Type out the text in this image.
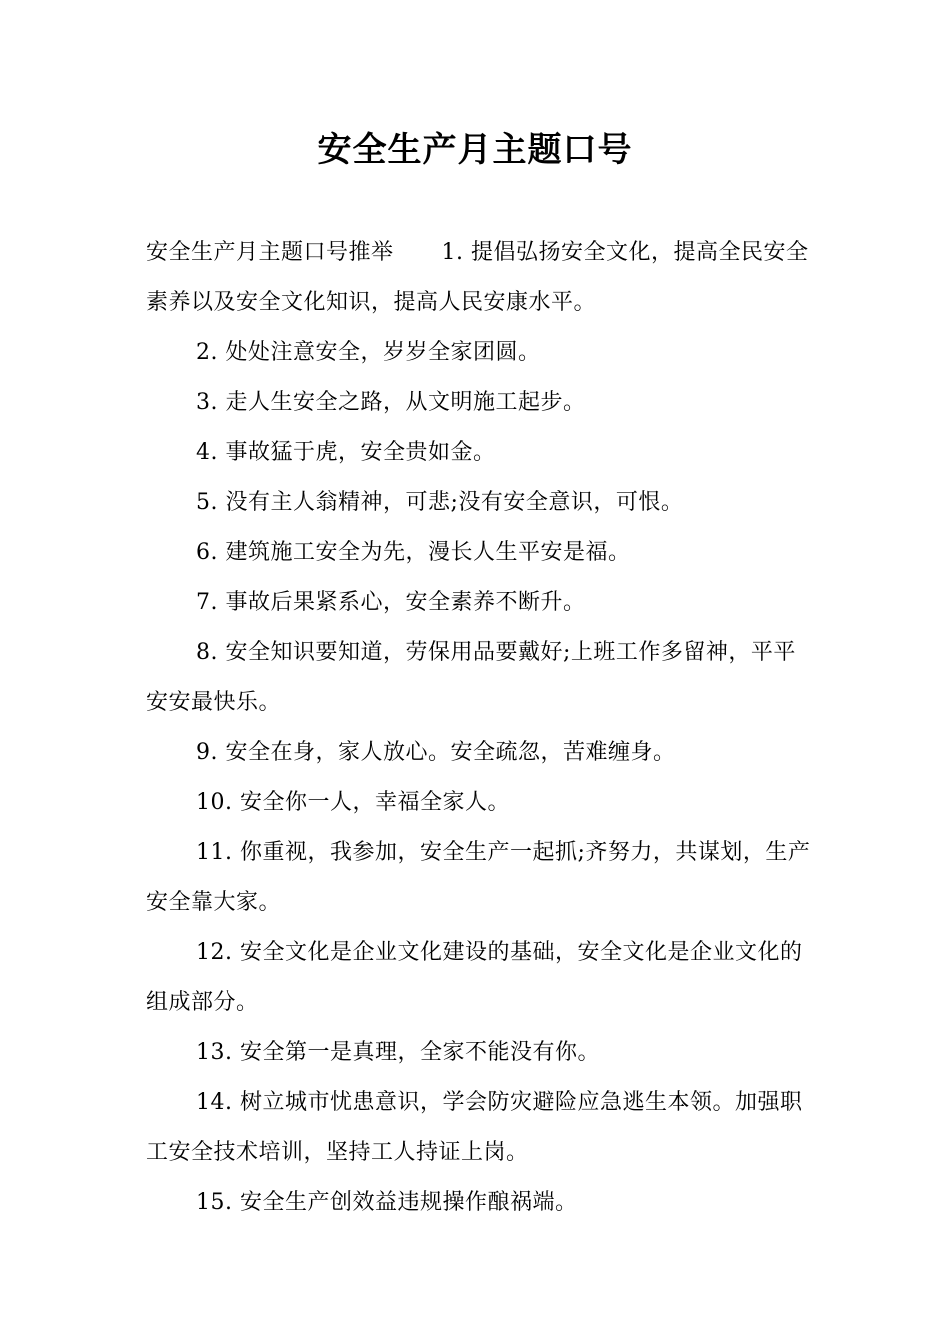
安全生产月主题口号

安全生产月主题口号推举 1. 提倡弘扬安全文化，提高全民安全素养以及安全文化知识，提高人民安康水平。

2. 处处注意安全，岁岁全家团圆。

3. 走人生安全之路，从文明施工起步。

4. 事故猛于虎，安全贵如金。

5. 没有主人翁精神，可悲;没有安全意识，可恨。

6. 建筑施工安全为先，漫长人生平安是福。

7. 事故后果紧系心，安全素养不断升。

8. 安全知识要知道，劳保用品要戴好;上班工作多留神，平平安安最快乐。

9. 安全在身，家人放心。安全疏忽，苦难缠身。

10. 安全你一人，幸福全家人。

11. 你重视，我参加，安全生产一起抓;齐努力，共谋划，生产安全靠大家。

12. 安全文化是企业文化建设的基础，安全文化是企业文化的组成部分。

13. 安全第一是真理，全家不能没有你。

14. 树立城市忧患意识，学会防灾避险应急逃生本领。加强职工安全技术培训，坚持工人持证上岗。

15. 安全生产创效益违规操作酿祸端。
